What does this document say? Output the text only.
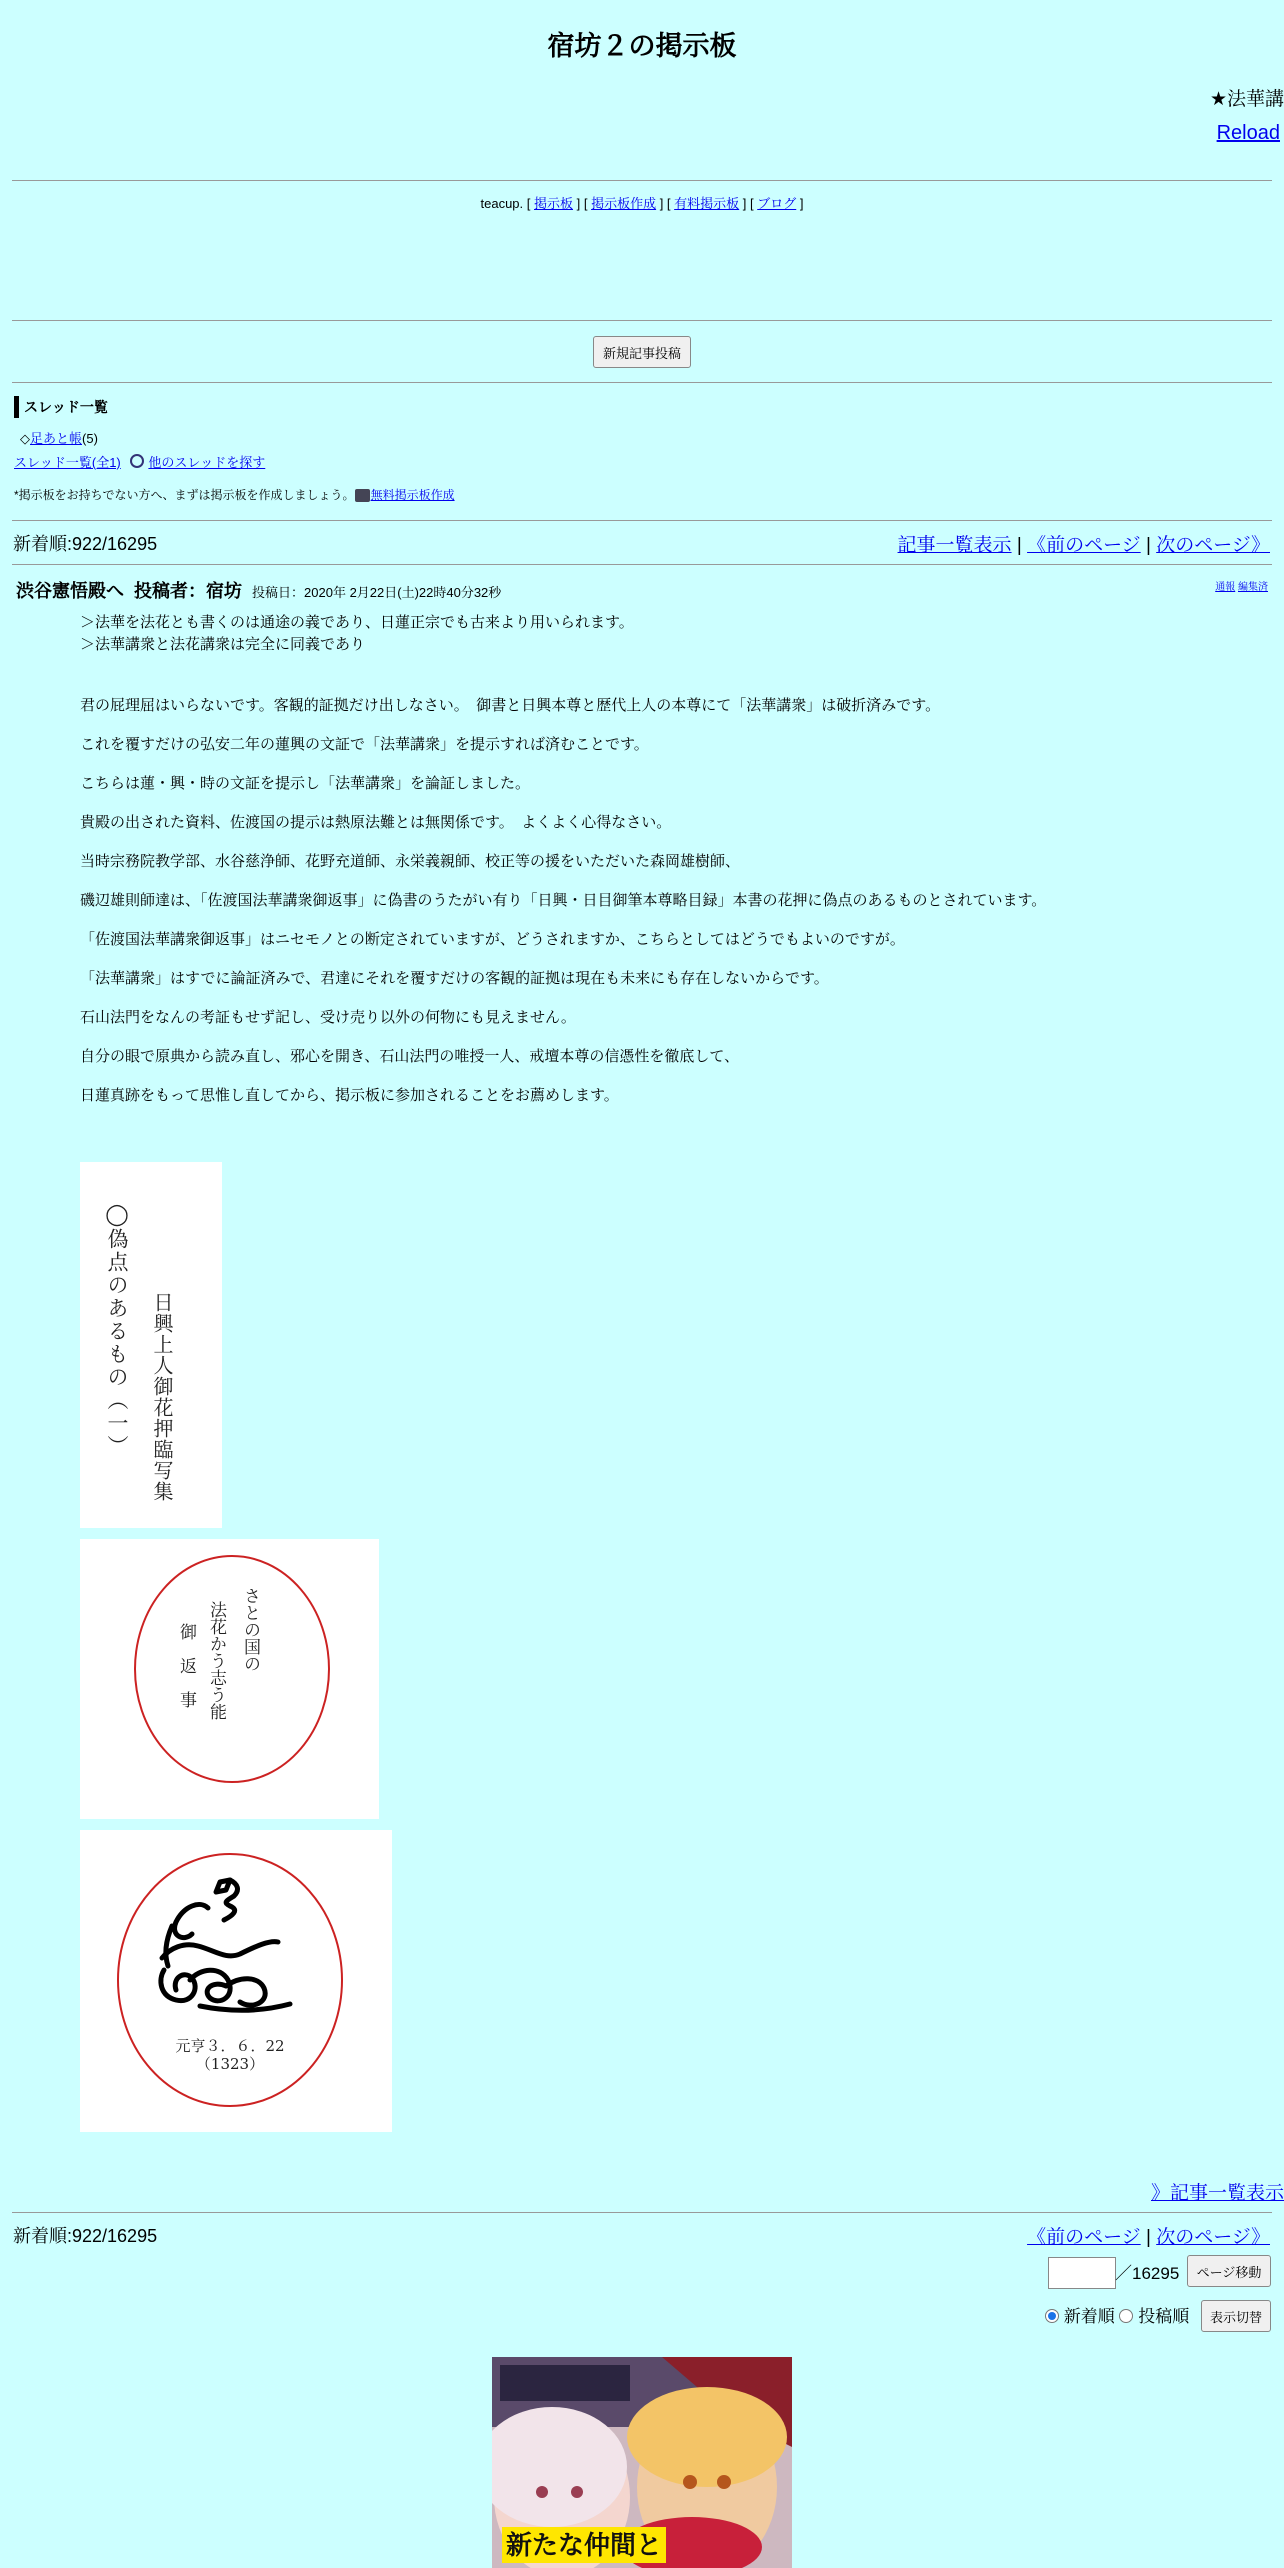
宿坊２の掲示板
★法華講
Reload
teacup. [ 掲示板 ] [ 掲示板作成 ] [ 有料掲示板 ] [ ブログ ]
新規記事投稿
スレッド一覧
◇足あと帳(5)
スレッド一覧(全1) 他のスレッドを探す
*掲示板をお持ちでない方へ、まずは掲示板を作成しましょう。 無料掲示板作成
新着順:922/16295	記事一覧表示 | 《前のページ | 次のページ》
渋谷憲悟殿へ 投稿者：宿坊 投稿日：2020年 2月22日(土)22時40分32秒	通報 編集済

＞法華を法花とも書くのは通途の義であり、日蓮正宗でも古来より用いられます。

＞法華講衆と法花講衆は完全に同義であり

君の屁理屈はいらないです。客観的証拠だけ出しなさい。　御書と日興本尊と歴代上人の本尊にて「法華講衆」は破折済みです。

これを覆すだけの弘安二年の蓮興の文証で「法華講衆」を提示すれば済むことです。

こちらは蓮・興・時の文証を提示し「法華講衆」を論証しました。

貴殿の出された資料、佐渡国の提示は熱原法難とは無関係です。　よくよく心得なさい。

当時宗務院教学部、水谷慈浄師、花野充道師、永栄義親師、校正等の援をいただいた森岡雄樹師、

磯辺雄則師達は、「佐渡国法華講衆御返事」に偽書のうたがい有り「日興・日目御筆本尊略目録」本書の花押に偽点のあるものとされています。

「佐渡国法華講衆御返事」はニセモノとの断定されていますが、どうされますか、こちらとしてはどうでもよいのですが。

「法華講衆」はすでに論証済みで、君達にそれを覆すだけの客観的証拠は現在も未来にも存在しないからです。

石山法門をなんの考証もせず記し、受け売り以外の何物にも見えません。

自分の眼で原典から読み直し、邪心を開き、石山法門の唯授一人、戒壇本尊の信憑性を徹底して、

日蓮真跡をもって思惟し直してから、掲示板に参加されることをお薦めします。

◯偽点のあるもの（一） 日興上人御花押臨写集
さとの国の
法花かう志う能
御　返　事
元亨３．６．22
（1323）
》記事一覧表示
新着順:922/16295	《前のページ | 次のページ》
／16295	ページ移動
新着順 投稿順	表示切替
新たな仲間と
